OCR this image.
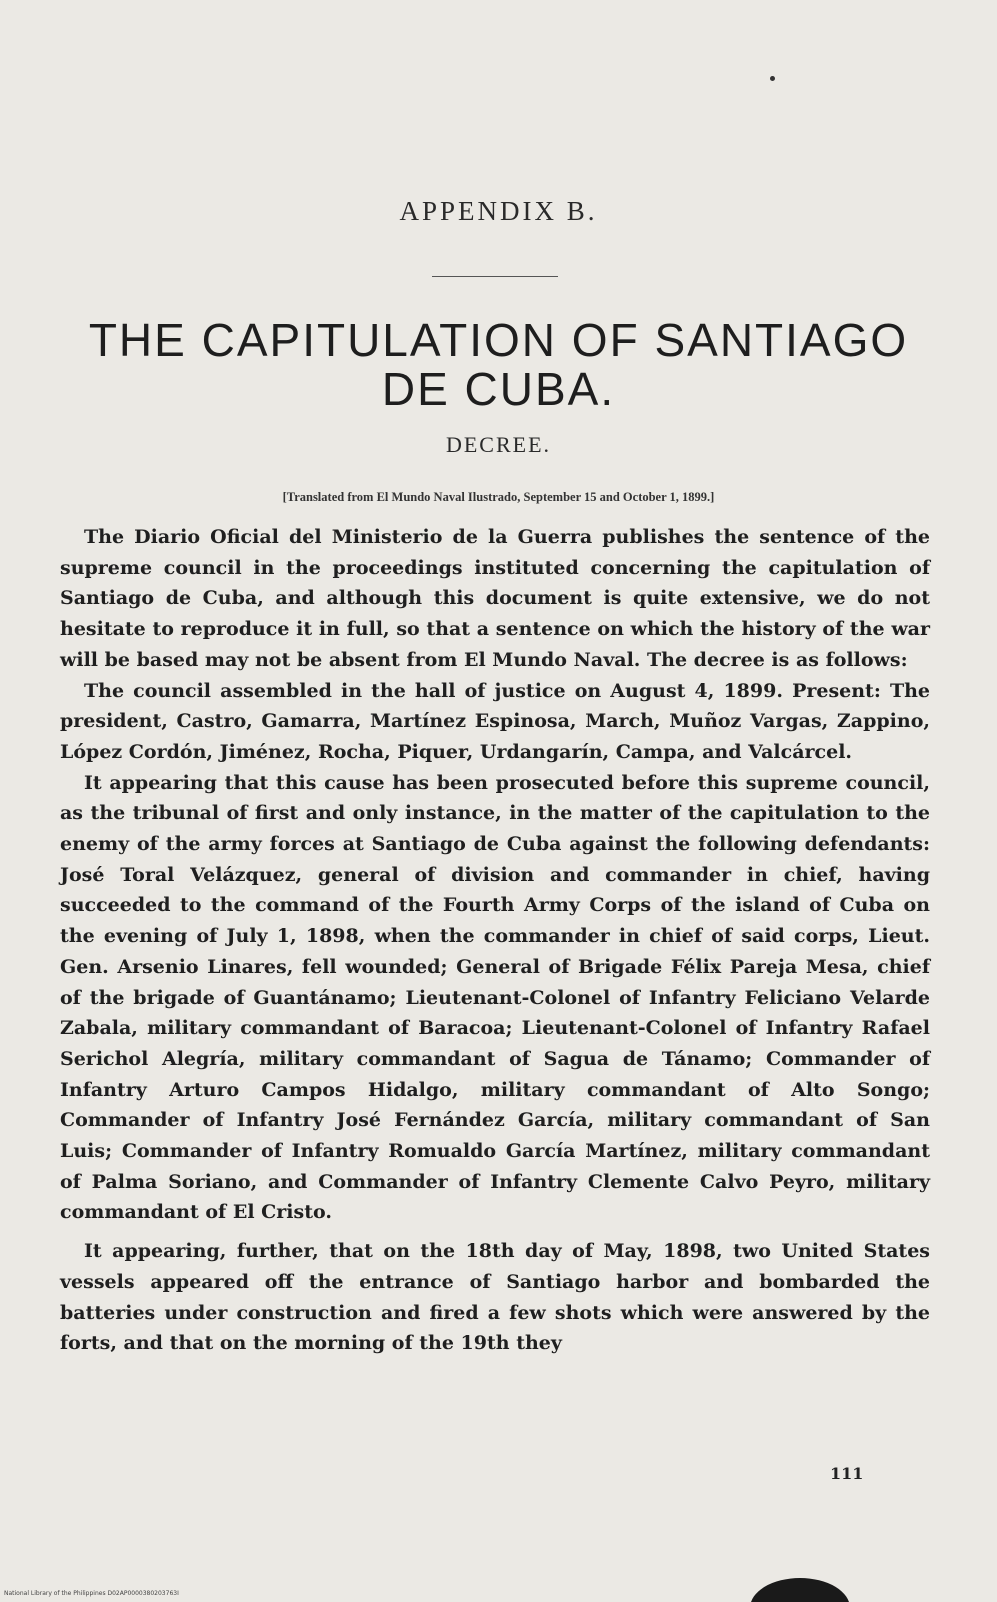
APPENDIX B.
THE CAPITULATION OF SANTIAGO
DE CUBA.
DECREE.
[Translated from El Mundo Naval Ilustrado, September 15 and October 1, 1899.]

The Diario Oficial del Ministerio de la Guerra publishes the sentence of the supreme council in the proceedings instituted concerning the capitulation of Santiago de Cuba, and although this document is quite extensive, we do not hesitate to reproduce it in full, so that a sentence on which the history of the war will be based may not be absent from El Mundo Naval. The decree is as follows:

The council assembled in the hall of justice on August 4, 1899. Present: The president, Castro, Gamarra, Martínez Espinosa, March, Muñoz Vargas, Zappino, López Cordón, Jiménez, Rocha, Piquer, Urdangarín, Campa, and Valcárcel.

It appearing that this cause has been prosecuted before this supreme council, as the tribunal of first and only instance, in the matter of the capitulation to the enemy of the army forces at Santiago de Cuba against the following defendants: José Toral Velázquez, general of division and commander in chief, having succeeded to the command of the Fourth Army Corps of the island of Cuba on the evening of July 1, 1898, when the commander in chief of said corps, Lieut. Gen. Arsenio Linares, fell wounded; General of Brigade Félix Pareja Mesa, chief of the brigade of Guantánamo; Lieutenant-Colonel of Infantry Feliciano Velarde Zabala, military commandant of Baracoa; Lieutenant-Colonel of Infantry Rafael Serichol Alegría, military commandant of Sagua de Tánamo; Commander of Infantry Arturo Campos Hidalgo, military commandant of Alto Songo; Commander of Infantry José Fernández García, military commandant of San Luis; Commander of Infantry Romualdo García Martínez, military commandant of Palma Soriano, and Commander of Infantry Clemente Calvo Peyro, military commandant of El Cristo.

It appearing, further, that on the 18th day of May, 1898, two United States vessels appeared off the entrance of Santiago harbor and bombarded the batteries under construction and fired a few shots which were answered by the forts, and that on the morning of the 19th they

111
National Library of the Philippines D02AP0000380203763I
